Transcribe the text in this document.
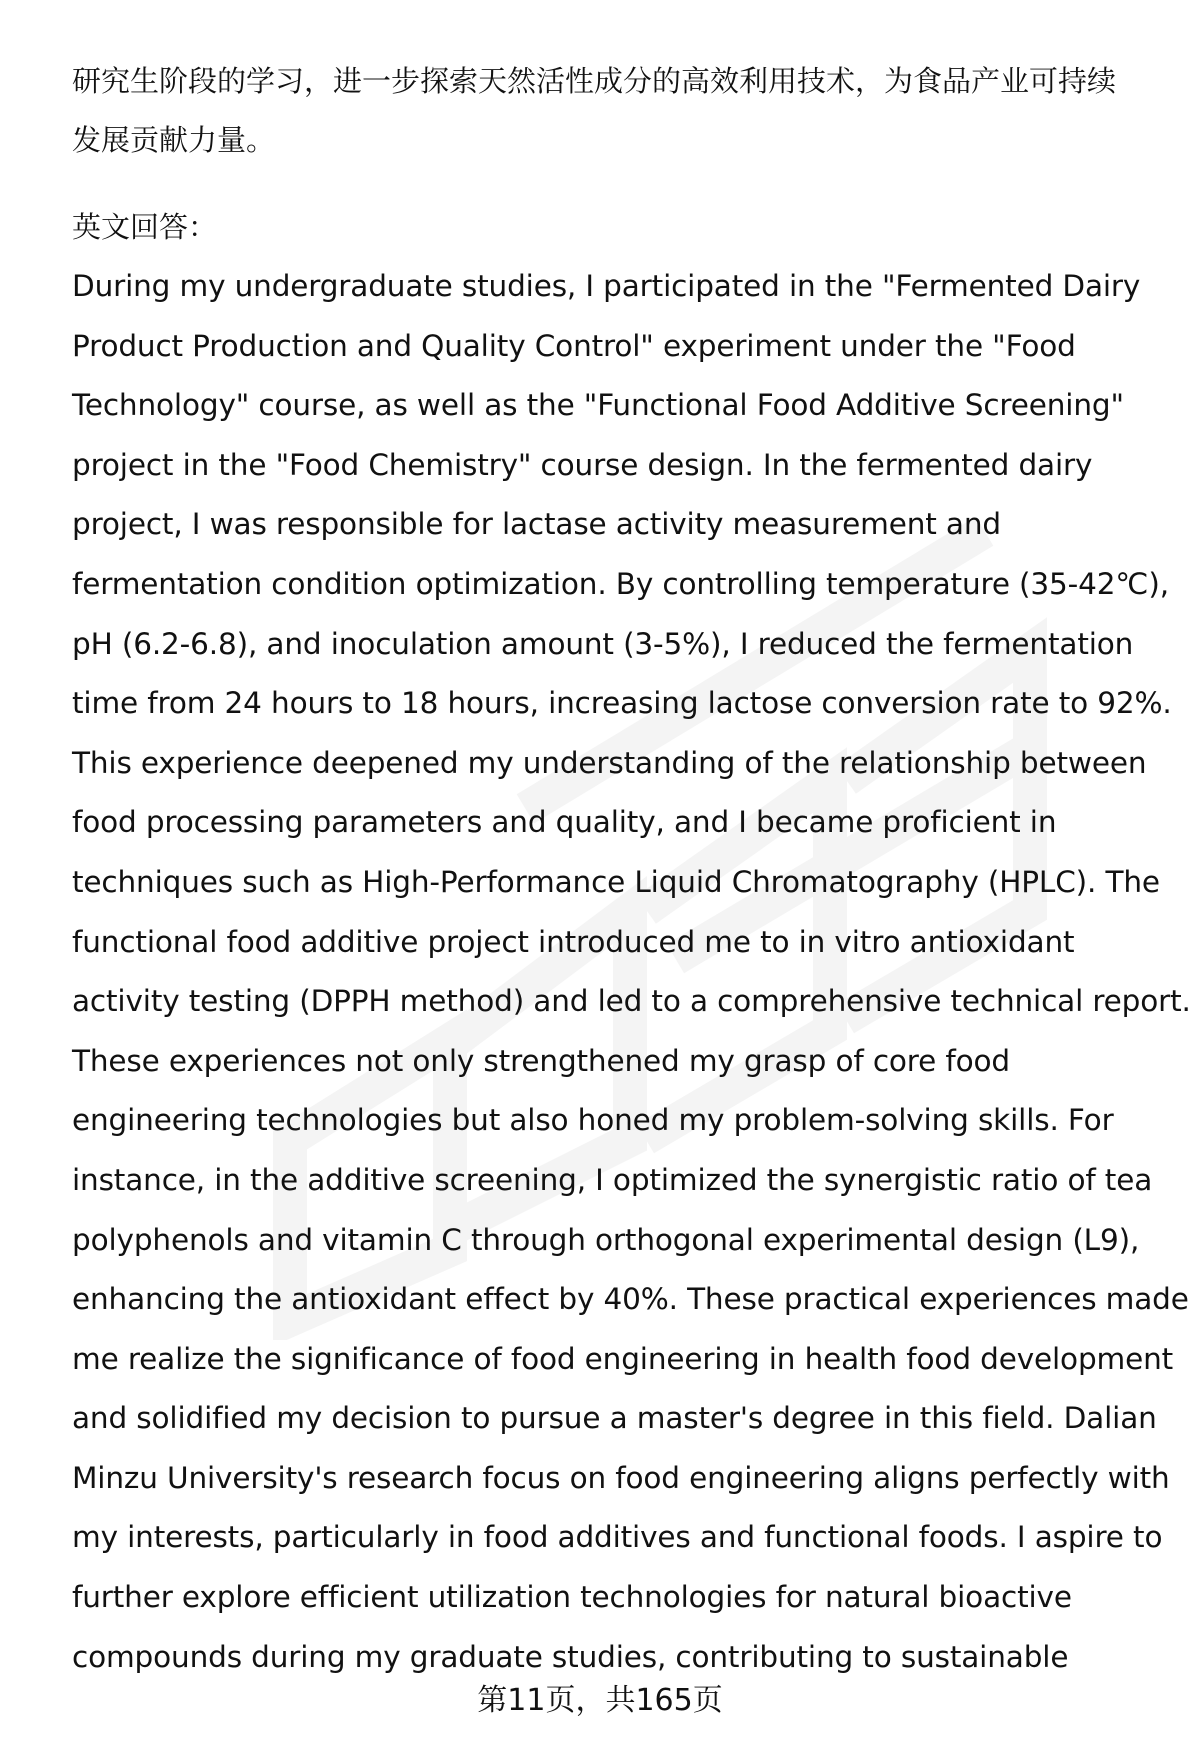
研究生阶段的学习，进一步探索天然活性成分的高效利用技术，为食品产业可持续
发展贡献力量。
英文回答：
During my undergraduate studies, I participated in the "Fermented Dairy
Product Production and Quality Control" experiment under the "Food
Technology" course, as well as the "Functional Food Additive Screening"
project in the "Food Chemistry" course design. In the fermented dairy
project, I was responsible for lactase activity measurement and
fermentation condition optimization. By controlling temperature (35-42℃),
pH (6.2-6.8), and inoculation amount (3-5%), I reduced the fermentation
time from 24 hours to 18 hours, increasing lactose conversion rate to 92%.
This experience deepened my understanding of the relationship between
food processing parameters and quality, and I became proficient in
techniques such as High-Performance Liquid Chromatography (HPLC). The
functional food additive project introduced me to in vitro antioxidant
activity testing (DPPH method) and led to a comprehensive technical report.
These experiences not only strengthened my grasp of core food
engineering technologies but also honed my problem-solving skills. For
instance, in the additive screening, I optimized the synergistic ratio of tea
polyphenols and vitamin C through orthogonal experimental design (L9),
enhancing the antioxidant effect by 40%. These practical experiences made
me realize the significance of food engineering in health food development
and solidified my decision to pursue a master's degree in this field. Dalian
Minzu University's research focus on food engineering aligns perfectly with
my interests, particularly in food additives and functional foods. I aspire to
further explore efficient utilization technologies for natural bioactive
compounds during my graduate studies, contributing to sustainable
第11页，共165页
